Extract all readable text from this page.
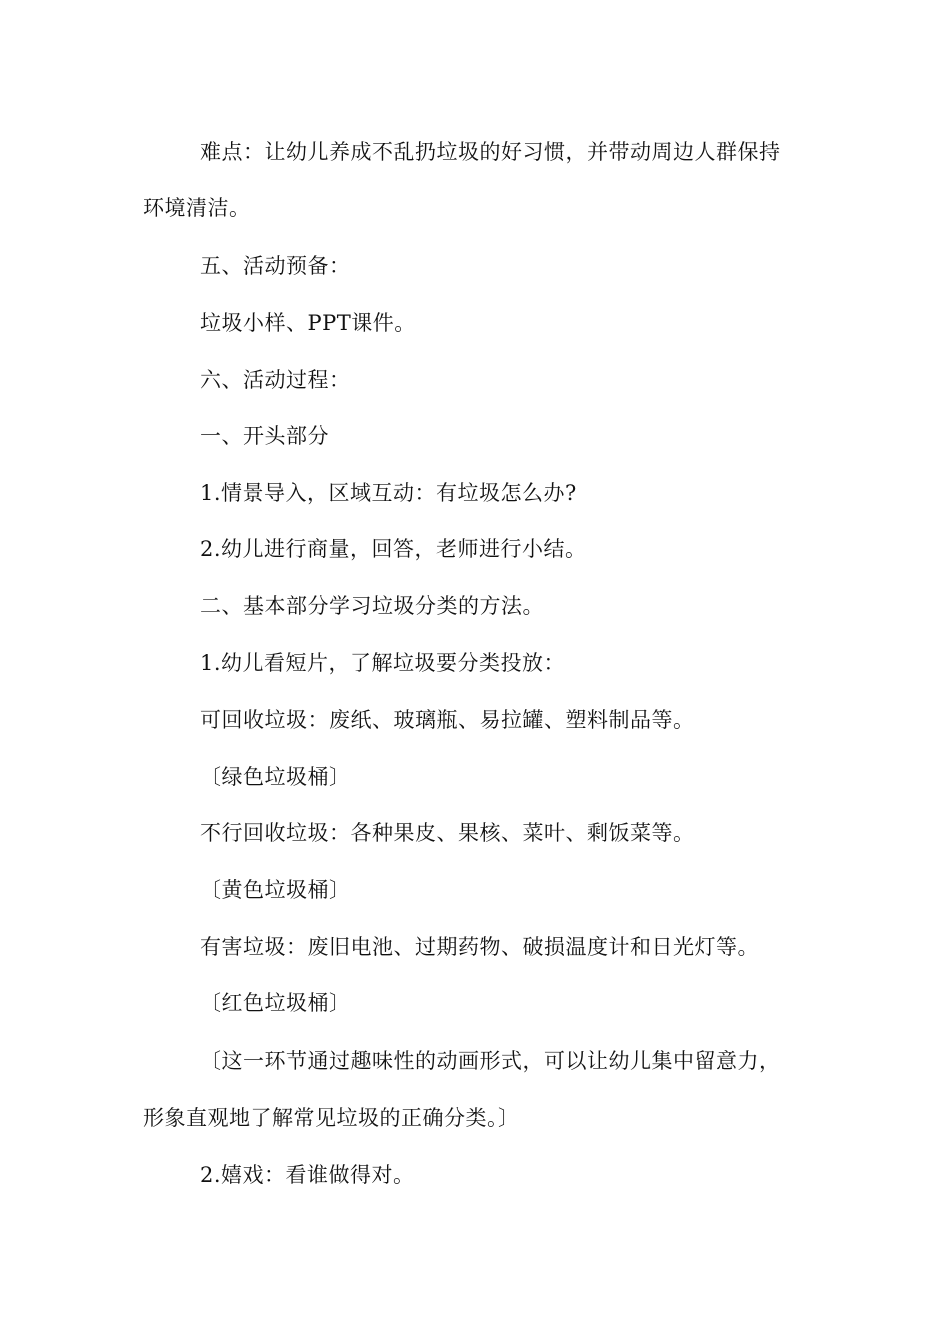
难点：让幼儿养成不乱扔垃圾的好习惯，并带动周边人群保持
环境清洁。
五、活动预备：
垃圾小样、PPT课件。
六、活动过程：
一、开头部分
1.情景导入，区域互动：有垃圾怎么办?
2.幼儿进行商量，回答，老师进行小结。
二、基本部分学习垃圾分类的方法。
1.幼儿看短片，了解垃圾要分类投放：
可回收垃圾：废纸、玻璃瓶、易拉罐、塑料制品等。
〔绿色垃圾桶〕
不行回收垃圾：各种果皮、果核、菜叶、剩饭菜等。
〔黄色垃圾桶〕
有害垃圾：废旧电池、过期药物、破损温度计和日光灯等。
〔红色垃圾桶〕
〔这一环节通过趣味性的动画形式，可以让幼儿集中留意力，
形象直观地了解常见垃圾的正确分类。〕
2.嬉戏：看谁做得对。
